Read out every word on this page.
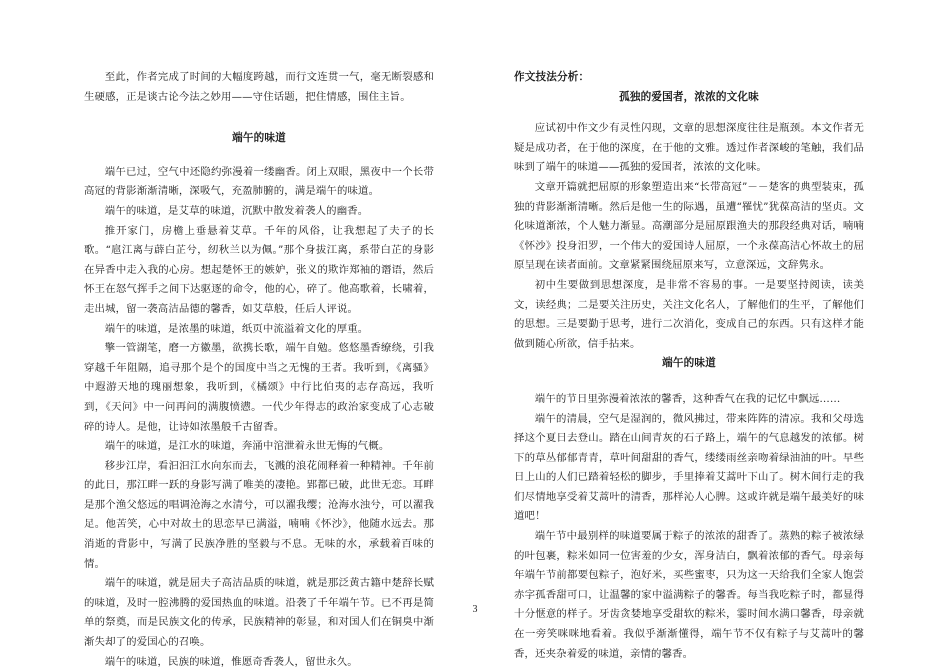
至此，作者完成了时间的大幅度跨越，而行文连贯一气，毫无断裂感和生硬感，正是谈古论今法之妙用——守住话题，把住情感，围住主旨。

端午的味道

端午已过，空气中还隐约弥漫着一缕幽香。闭上双眼，黑夜中一个长带高冠的背影渐渐清晰，深吸气，充盈肺腑的，满是端午的味道。

端午的味道，是艾草的味道，沉默中散发着袭人的幽香。

推开家门，房檐上垂悬着艾草。千年的风俗，让我想起了夫子的长歌。“扈江离与薜白芷兮，纫秋兰以为佩。”那个身拔江离，系带白芷的身影在异香中走入我的心房。想起楚怀王的嫉妒，张义的欺诈郑袖的谮语，然后怀王在怒气挥手之间下达驱逐的命令，他的心，碎了。他高歌着，长啸着，走出城，留一袭高洁品德的馨香，如艾草般，任后人评说。

端午的味道，是浓墨的味道，纸页中流溢着文化的厚重。

擎一管湖笔，磨一方徽墨，欲携长歌，端午自勉。悠悠墨香缭绕，引我穿越千年阻隔，追寻那个是个的国度中当之无愧的王者。我听到，《离骚》中遐游天地的瑰丽想象，我听到，《橘颂》中行比伯夷的志存高远，我听到，《天问》中一问再问的满腹愤懑。一代少年得志的政治家变成了心志破碎的诗人。是他，让诗如浓墨般千古留香。

端午的味道，是江水的味道，奔涌中涫泄着永世无悔的气概。

移步江岸，看汩汩江水向东而去，飞溅的浪花闹释着一种精神。千年前的此日，那江畔一跃的身影写满了唯美的凄艳。郢都已破，此世无恋。耳畔是那个渔父悠远的唱调沧海之水清兮，可以濯我缨；沧海水浊兮，可以濯我足。他苦笑，心中对故土的思恋早已满溢，喃喃《怀沙》，他随水远去。那消逝的背影中，写满了民族净胜的坚毅与不息。无味的水，承载着百味的情。

端午的味道，就是屈夫子高洁品质的味道，就是那泛黄古籍中楚辞长赋的味道，及时一腔沸腾的爱国热血的味道。沿袭了千年端午节。已不再是简单的祭奠，而是民族文化的传承，民族精神的彰显，和对国人们在铜臭中渐渐失却了的爱国心的召唤。

端午的味道，民族的味道，惟愿奇香袭人，留世永久。

作文技法分析：
孤独的爱国者，浓浓的文化味

应试初中作文少有灵性闪现，文章的思想深度往往是瓶颈。本文作者无疑是成功者，在于他的深度，在于他的文雅。透过作者深峻的笔触，我们品味到了端午的味道——孤独的爱国者，浓浓的文化味。

文章开篇就把屈原的形象塑造出来“长带高冠”－－楚客的典型装束，孤独的背影渐渐清晰。然后是他一生的际遇，虽遭“罹忧”犹葆高洁的坚贞。文化味道渐浓，个人魅力渐显。高潮部分是屈原跟渔夫的那段经典对话，喃喃《怀沙》投身汨罗，一个伟大的爱国诗人屈原，一个永葆高洁心怀故土的屈原呈现在读者面前。文章紧紧围绕屈原来写，立意深远，文辞隽永。

初中生要做到思想深度，是非常不容易的事。一是要坚持阅读，读美文，读经典；二是要关注历史，关注文化名人，了解他们的生平，了解他们的思想。三是要勤于思考，进行二次消化，变成自己的东西。只有这样才能做到随心所欲，信手拈来。

端午的味道

端午的节日里弥漫着浓浓的馨香，这种香气在我的记忆中飘远……

端午的清晨，空气是湿润的，微风拂过，带来阵阵的清凉。我和父母选择这个夏日去登山。踏在山间青灰的石子路上，端午的气息越发的浓郁。树下的草丛郁郁青青，草叶间甜甜的香气，缕缕雨丝亲吻着绿油油的叶。早些日上山的人们已踏着轻松的脚步，手里捧着艾蒿叶下山了。树木间行走的我们尽情地享受着艾蒿叶的清香，那样沁人心脾。这或许就是端午最美好的味道吧！

端午节中最别样的味道要属于粽子的浓浓的甜香了。蒸熟的粽子被浓绿的叶包裹，粽米如同一位害羞的少女，浑身洁白，飘着浓郁的香气。母亲每年端午节前都要包粽子，泡好米，买些蜜枣，只为这一天给我们全家人饱尝赤字孤香甜可口，让温馨的家中溢满粽子的馨香。每当我吃粽子时，都显得十分惬意的样子。牙齿贪婪地享受甜软的粽米，霎时间水满口馨香，母亲就在一旁笑咪咪地看着。我似乎渐渐懂得，端午节不仅有粽子与艾蒿叶的馨香，还夹杂着爱的味道，亲情的馨香。

3
